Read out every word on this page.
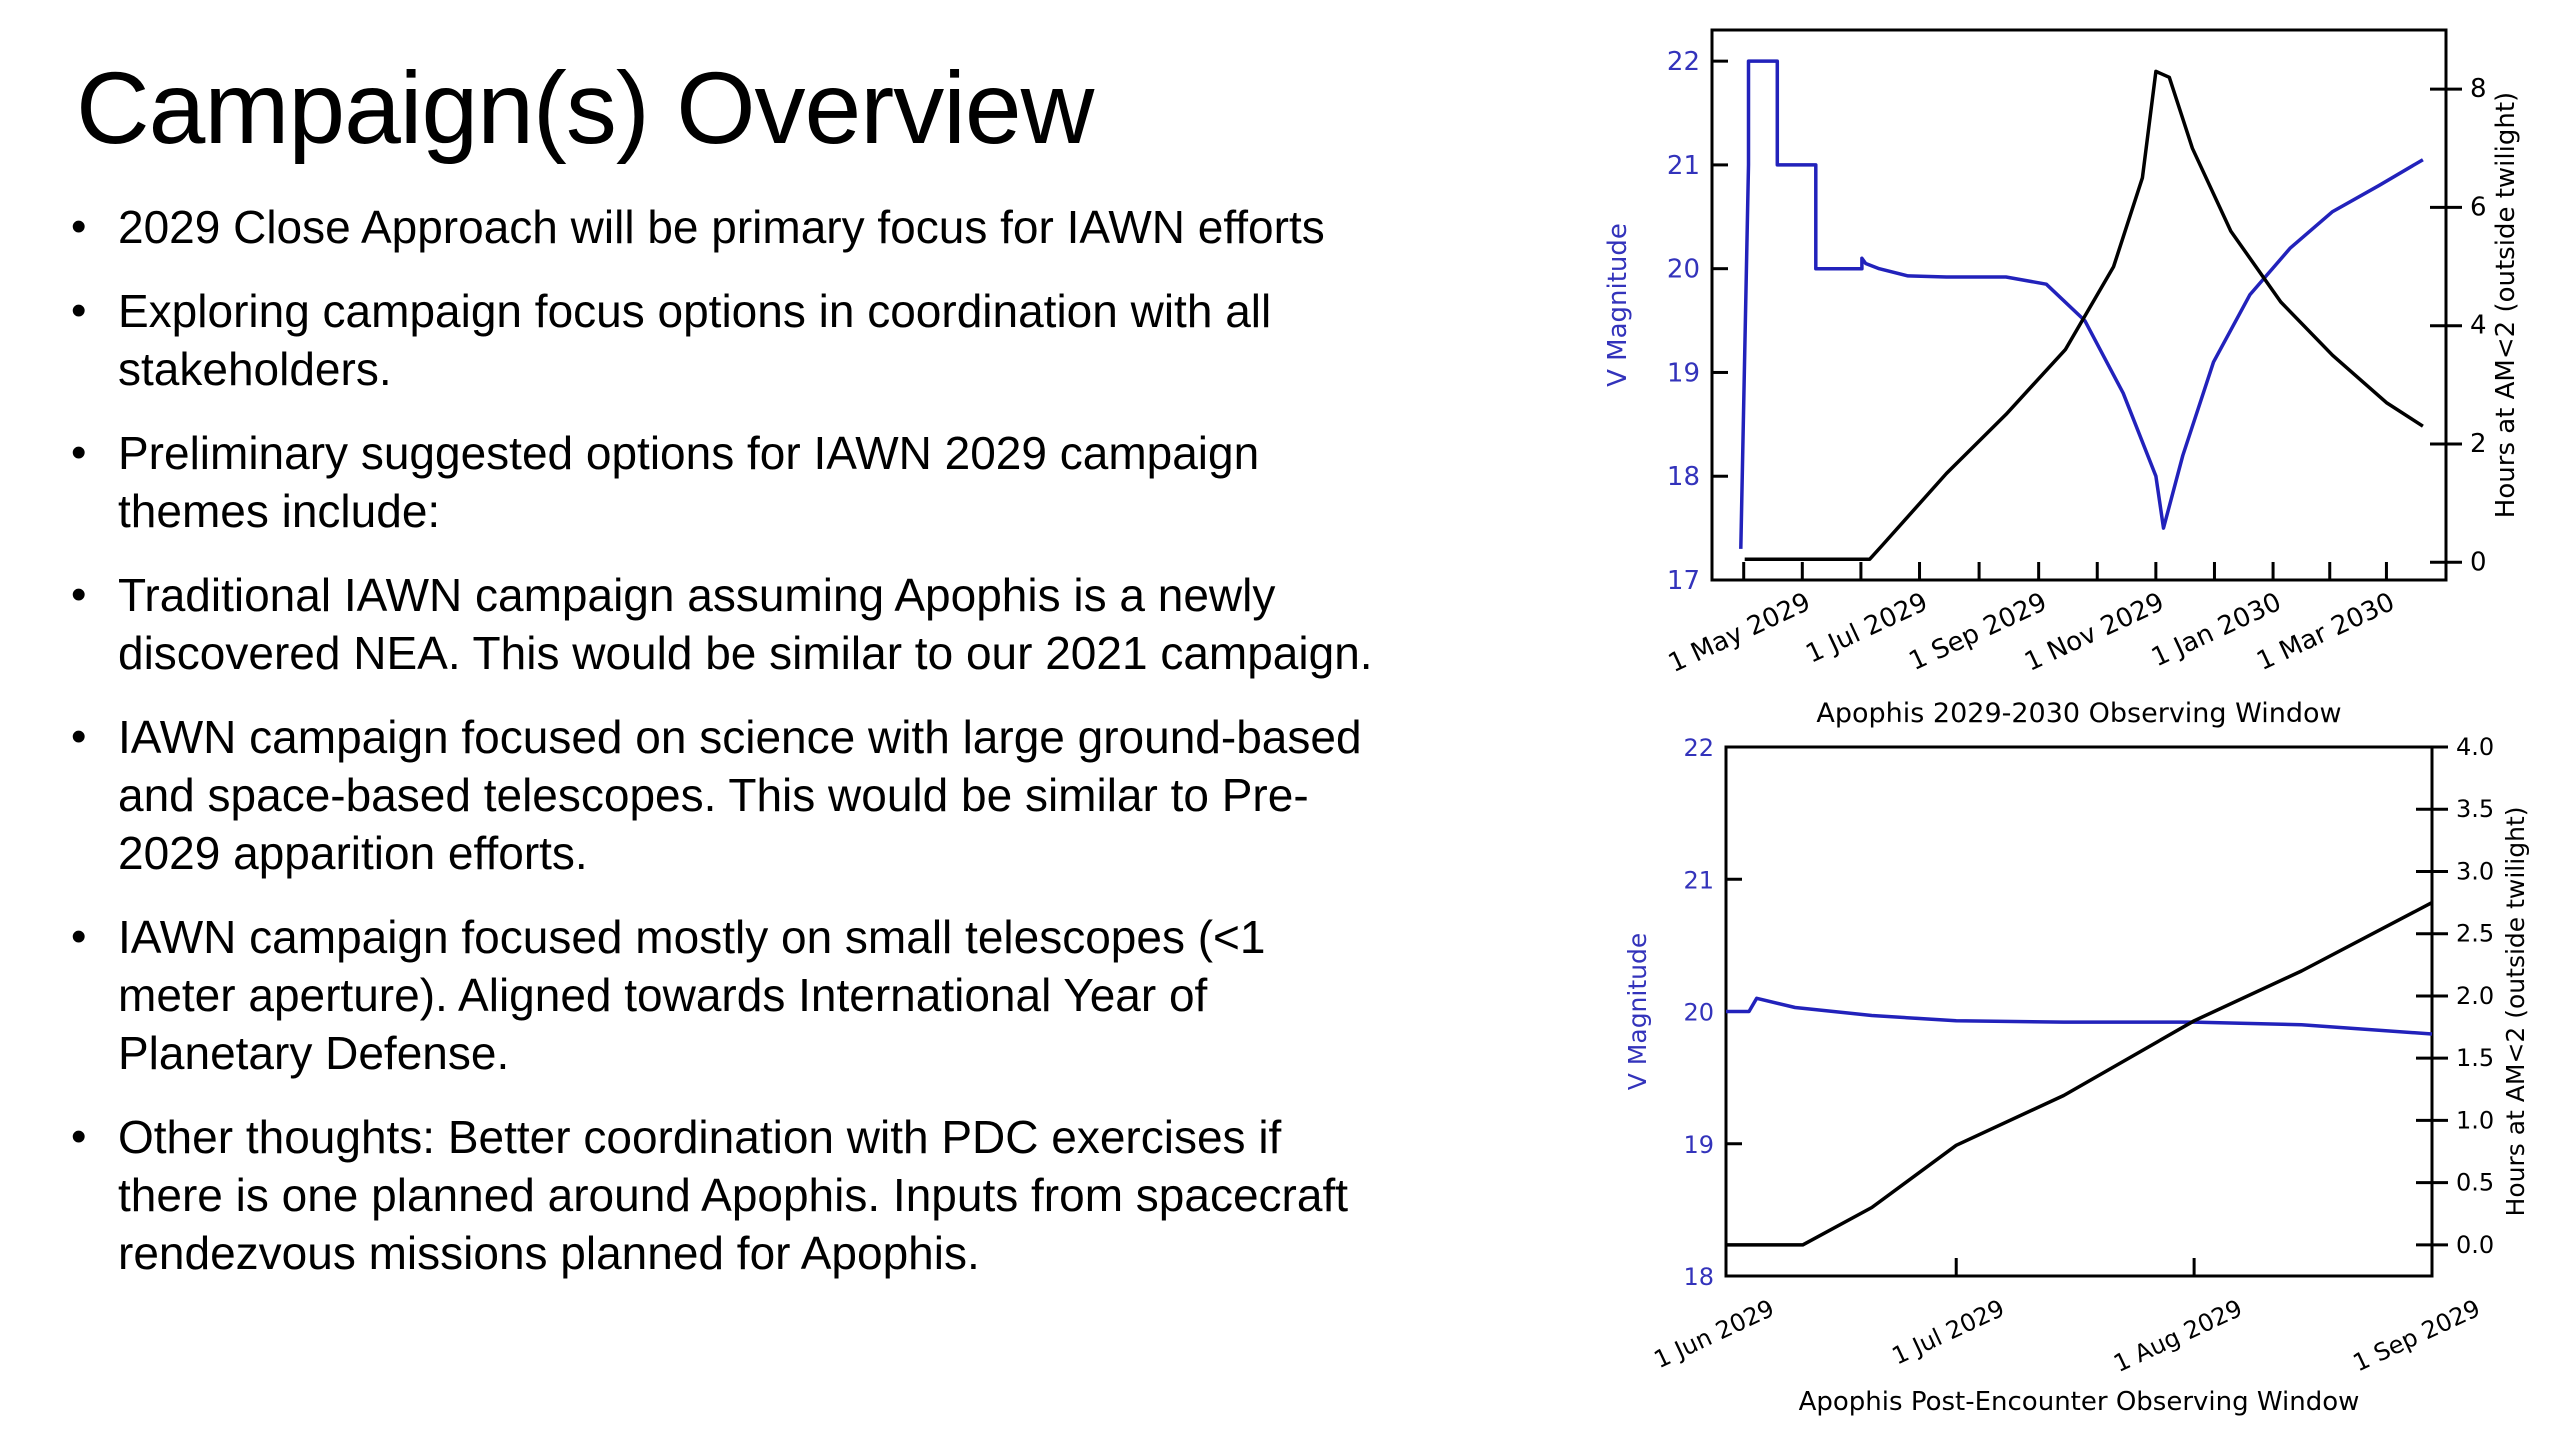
Campaign(s) Overview
• 2029 Close Approach will be primary focus for IAWN efforts
• Exploring campaign focus options in coordination with all
stakeholders.
• Preliminary suggested options for IAWN 2029 campaign
themes include:
• Traditional IAWN campaign assuming Apophis is a newly
discovered NEA. This would be similar to our 2021 campaign.
• IAWN campaign focused on science with large ground-based
and space-based telescopes. This would be similar to Pre-
2029 apparition efforts.
• IAWN campaign focused mostly on small telescopes (<1
meter aperture). Aligned towards International Year of
Planetary Defense.
• Other thoughts: Better coordination with PDC exercises if
there is one planned around Apophis. Inputs from spacecraft
rendezvous missions planned for Apophis.
17
18
19
20
21
22
0
2
4
6
8
1 May 2029
1 Jul 2029
1 Sep 2029
1 Nov 2029
1 Jan 2030
1 Mar 2030
V Magnitude	Hours at AM<2 (outside twilight)
Apophis 2029-2030 Observing Window
18
19
20
21
22
0.0
0.5
1.0
1.5
2.0
2.5
3.0
3.5
4.0
1 Jun 2029	1 Jul 2029	1 Aug 2029	1 Sep 2029
V Magnitude	Hours at AM<2 (outside twilight)
Apophis Post-Encounter Observing Window
